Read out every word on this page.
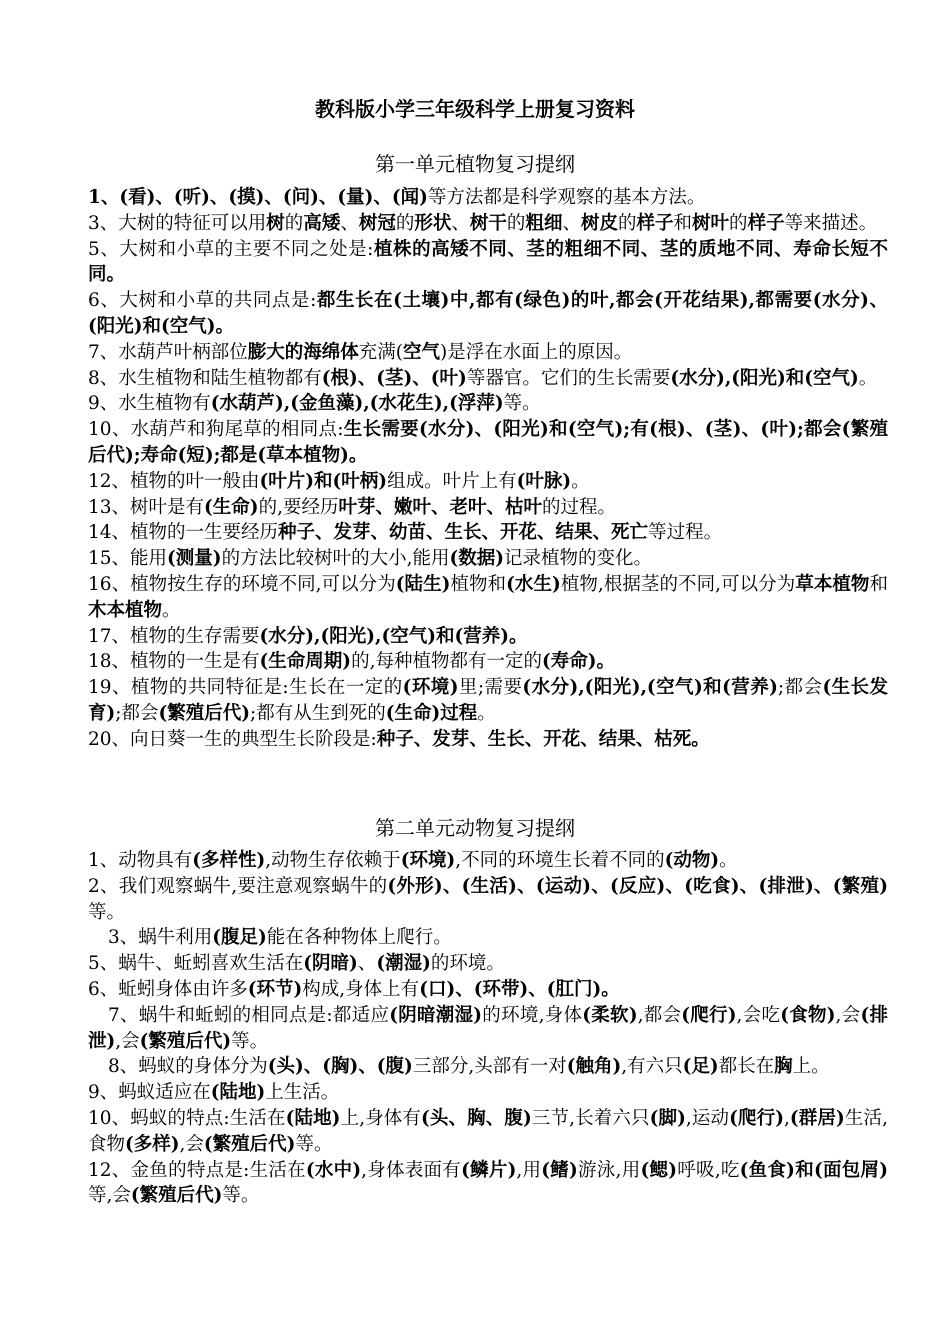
教科版小学三年级科学上册复习资料
第一单元植物复习提纲

1、(看)、(听)、(摸)、(问)、(量)、(闻)等方法都是科学观察的基本方法。

3、大树的特征可以用树的高矮、树冠的形状、树干的粗细、树皮的样子和树叶的样子等来描述。

5、大树和小草的主要不同之处是:植株的高矮不同、茎的粗细不同、茎的质地不同、寿命长短不同。

6、大树和小草的共同点是:都生长在(土壤)中,都有(绿色)的叶,都会(开花结果),都需要(水分)、(阳光)和(空气)。

7、水葫芦叶柄部位膨大的海绵体充满(空气)是浮在水面上的原因。

8、水生植物和陆生植物都有(根)、(茎)、(叶)等器官。它们的生长需要(水分),(阳光)和(空气)。

9、水生植物有(水葫芦),(金鱼藻),(水花生),(浮萍)等。

10、水葫芦和狗尾草的相同点:生长需要(水分)、(阳光)和(空气);有(根)、(茎)、(叶);都会(繁殖后代);寿命(短);都是(草本植物)。

12、植物的叶一般由(叶片)和(叶柄)组成。叶片上有(叶脉)。

13、树叶是有(生命)的,要经历叶芽、嫩叶、老叶、枯叶的过程。

14、植物的一生要经历种子、发芽、幼苗、生长、开花、结果、死亡等过程。

15、能用(测量)的方法比较树叶的大小,能用(数据)记录植物的变化。

16、植物按生存的环境不同,可以分为(陆生)植物和(水生)植物,根据茎的不同,可以分为草本植物和木本植物。

17、植物的生存需要(水分),(阳光),(空气)和(营养)。

18、植物的一生是有(生命周期)的,每种植物都有一定的(寿命)。

19、植物的共同特征是:生长在一定的(环境)里;需要(水分),(阳光),(空气)和(营养);都会(生长发育);都会(繁殖后代);都有从生到死的(生命)过程。

20、向日葵一生的典型生长阶段是:种子、发芽、生长、开花、结果、枯死。

第二单元动物复习提纲

1、动物具有(多样性),动物生存依赖于(环境),不同的环境生长着不同的(动物)。

2、我们观察蜗牛,要注意观察蜗牛的(外形)、(生活)、(运动)、(反应)、(吃食)、(排泄)、(繁殖)等。

3、蜗牛利用(腹足)能在各种物体上爬行。

5、蜗牛、蚯蚓喜欢生活在(阴暗)、(潮湿)的环境。

6、蚯蚓身体由许多(环节)构成,身体上有(口)、(环带)、(肛门)。

7、蜗牛和蚯蚓的相同点是:都适应(阴暗潮湿)的环境,身体(柔软),都会(爬行),会吃(食物),会(排泄),会(繁殖后代)等。

8、蚂蚁的身体分为(头)、(胸)、(腹)三部分,头部有一对(触角),有六只(足)都长在胸上。

9、蚂蚁适应在(陆地)上生活。

10、蚂蚁的特点:生活在(陆地)上,身体有(头、胸、腹)三节,长着六只(脚),运动(爬行),(群居)生活,食物(多样),会(繁殖后代)等。

12、金鱼的特点是:生活在(水中),身体表面有(鳞片),用(鳍)游泳,用(鳃)呼吸,吃(鱼食)和(面包屑)等,会(繁殖后代)等。
